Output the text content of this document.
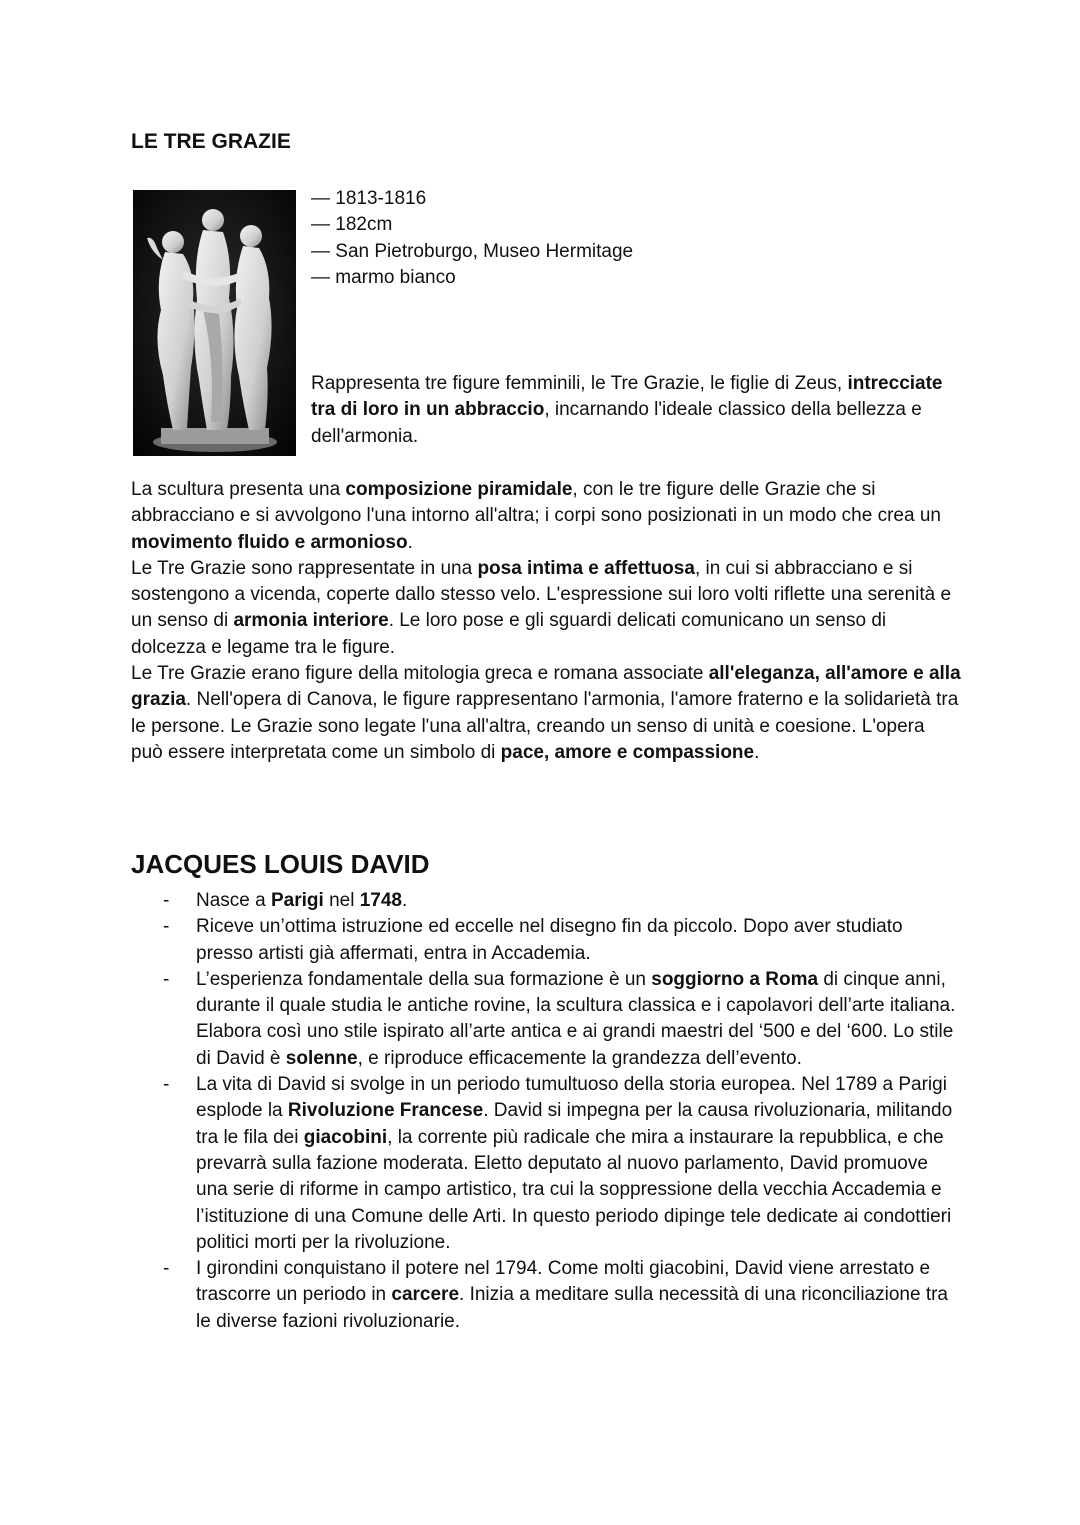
LE TRE GRAZIE
— 1813-1816
— 182cm
— San Pietroburgo, Museo Hermitage
— marmo bianco
Rappresenta tre figure femminili, le Tre Grazie, le figlie di Zeus, intrecciate tra di loro in un abbraccio, incarnando l'ideale classico della bellezza e dell'armonia.

La scultura presenta una composizione piramidale, con le tre figure delle Grazie che si abbracciano e si avvolgono l'una intorno all'altra; i corpi sono posizionati in un modo che crea un movimento fluido e armonioso.

Le Tre Grazie sono rappresentate in una posa intima e affettuosa, in cui si abbracciano e si sostengono a vicenda, coperte dallo stesso velo. L'espressione sui loro volti riflette una serenità e un senso di armonia interiore. Le loro pose e gli sguardi delicati comunicano un senso di dolcezza e legame tra le figure.

Le Tre Grazie erano figure della mitologia greca e romana associate all'eleganza, all'amore e alla grazia. Nell'opera di Canova, le figure rappresentano l'armonia, l'amore fraterno e la solidarietà tra le persone. Le Grazie sono legate l'una all'altra, creando un senso di unità e coesione. L'opera può essere interpretata come un simbolo di pace, amore e compassione.

JACQUES LOUIS DAVID
- Nasce a Parigi nel 1748.
- Riceve un’ottima istruzione ed eccelle nel disegno fin da piccolo. Dopo aver studiato presso artisti già affermati, entra in Accademia.
- L’esperienza fondamentale della sua formazione è un soggiorno a Roma di cinque anni, durante il quale studia le antiche rovine, la scultura classica e i capolavori dell’arte italiana. Elabora così uno stile ispirato all’arte antica e ai grandi maestri del ‘500 e del ‘600. Lo stile di David è solenne, e riproduce efficacemente la grandezza dell’evento.
- La vita di David si svolge in un periodo tumultuoso della storia europea. Nel 1789 a Parigi esplode la Rivoluzione Francese. David si impegna per la causa rivoluzionaria, militando tra le fila dei giacobini, la corrente più radicale che mira a instaurare la repubblica, e che prevarrà sulla fazione moderata. Eletto deputato al nuovo parlamento, David promuove una serie di riforme in campo artistico, tra cui la soppressione della vecchia Accademia e l’istituzione di una Comune delle Arti. In questo periodo dipinge tele dedicate ai condottieri politici morti per la rivoluzione.
- I girondini conquistano il potere nel 1794. Come molti giacobini, David viene arrestato e trascorre un periodo in carcere. Inizia a meditare sulla necessità di una riconciliazione tra le diverse fazioni rivoluzionarie.
